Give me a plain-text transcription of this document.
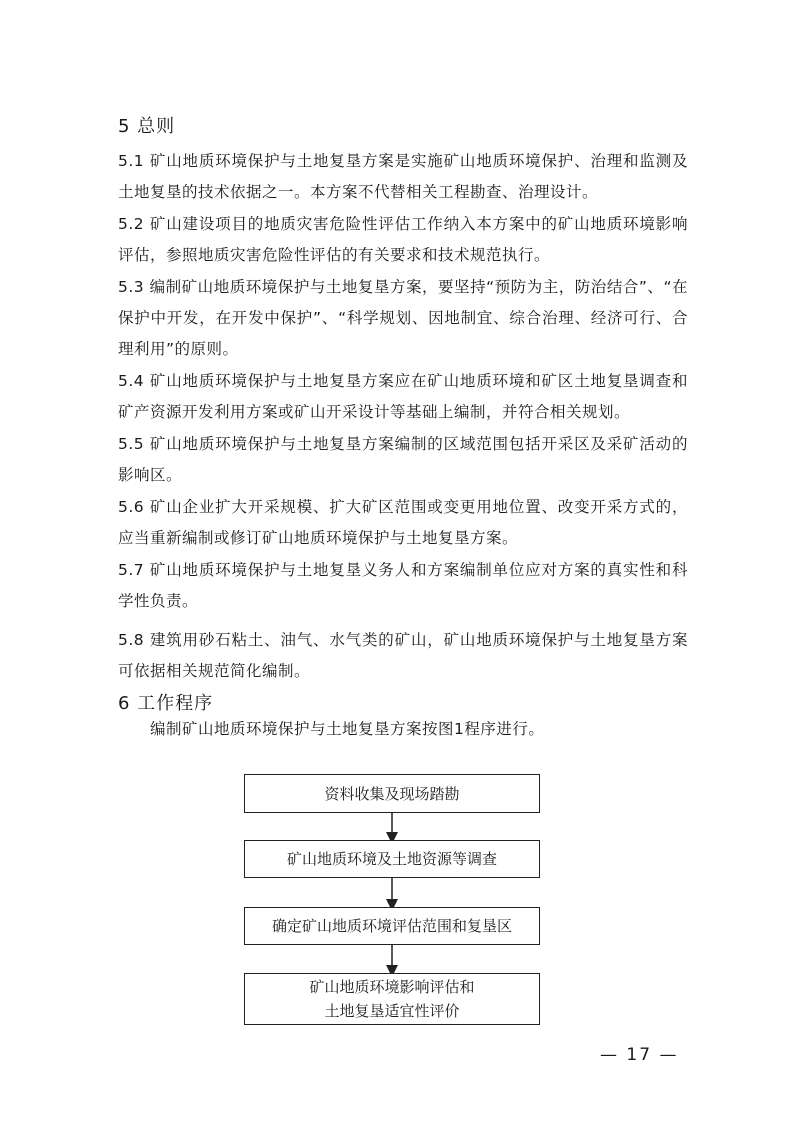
5 总则

5.1 矿山地质环境保护与土地复垦方案是实施矿山地质环境保护、治理和监测及土地复垦的技术依据之一。本方案不代替相关工程勘查、治理设计。

5.2 矿山建设项目的地质灾害危险性评估工作纳入本方案中的矿山地质环境影响评估，参照地质灾害危险性评估的有关要求和技术规范执行。

5.3 编制矿山地质环境保护与土地复垦方案，要坚持“预防为主，防治结合”、“在保护中开发，在开发中保护”、“科学规划、因地制宜、综合治理、经济可行、合理利用”的原则。

5.4 矿山地质环境保护与土地复垦方案应在矿山地质环境和矿区土地复垦调查和矿产资源开发利用方案或矿山开采设计等基础上编制，并符合相关规划。

5.5 矿山地质环境保护与土地复垦方案编制的区域范围包括开采区及采矿活动的影响区。

5.6 矿山企业扩大开采规模、扩大矿区范围或变更用地位置、改变开采方式的，应当重新编制或修订矿山地质环境保护与土地复垦方案。

5.7 矿山地质环境保护与土地复垦义务人和方案编制单位应对方案的真实性和科学性负责。

5.8 建筑用砂石粘土、油气、水气类的矿山，矿山地质环境保护与土地复垦方案可依据相关规范简化编制。

6 工作程序

编制矿山地质环境保护与土地复垦方案按图1程序进行。

资料收集及现场踏勘
矿山地质环境及土地资源等调查
确定矿山地质环境评估范围和复垦区
矿山地质环境影响评估和
土地复垦适宜性评价
— 17 —
